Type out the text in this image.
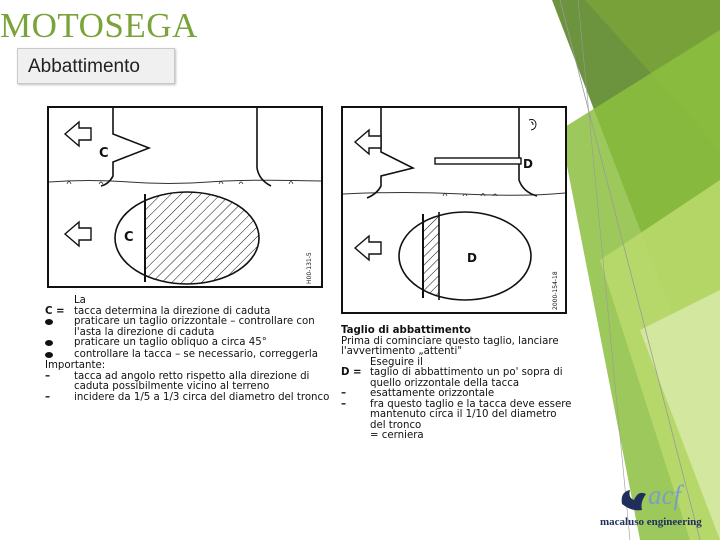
MOTOSEGA
Abbattimento
C
C
H00-131-5
D
D
2000-154-18
La
C = tacca determina la direzione di caduta
praticare un taglio orizzontale – controllare con l'asta la direzione di caduta
praticare un taglio obliquo a circa 45°
controllare la tacca – se necessario, correggerla
Importante:
–	tacca ad angolo retto rispetto alla direzione di caduta possibilmente vicino al terreno
–	incidere da 1/5 a 1/3 circa del diametro del tronco
Taglio di abbattimento
Prima di cominciare questo taglio, lanciare l'avvertimento „attenti"
Eseguire il
D = taglio di abbattimento un po' sopra di quello orizzontale della tacca
–	esattamente orizzontale
–	fra questo taglio e la tacca deve essere mantenuto circa il 1/10 del diametro del tronco
= cerniera
acf
macaluso engineering
